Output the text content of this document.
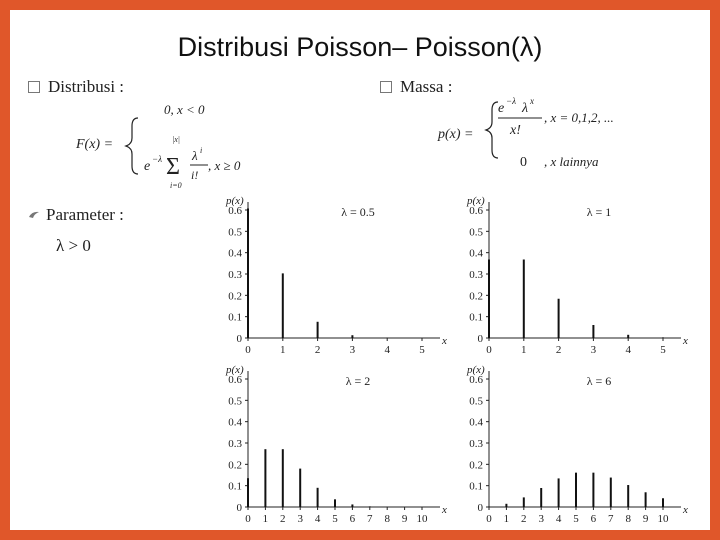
Distribusi Poisson– Poisson(λ)
Distribusi :
F(x) =
0, x < 0
e −λ
|x|
Σ
i=0
λ i
i!
, x ≥ 0
Parameter :
λ > 0
Massa :
p(x) =
e −λ λ x
x!
, x = 0,1,2, ...
0 , x lainnya
0
0.1
0.2
0.3
0.4
0.5
0.6
0	1	2	3	4	5
p(x)
x
λ = 0.5
0
0.1
0.2
0.3
0.4
0.5
0.6
0	1	2	3	4	5
p(x)
x
λ = 1
0
0.1
0.2
0.3
0.4
0.5
0.6
0 1 2 3 4 5 6 7 8 9 10
p(x)
x
λ = 2
0
0.1
0.2
0.3
0.4
0.5
0.6
0 1 2 3 4 5 6 7 8 9 10
p(x)
x
λ = 6
